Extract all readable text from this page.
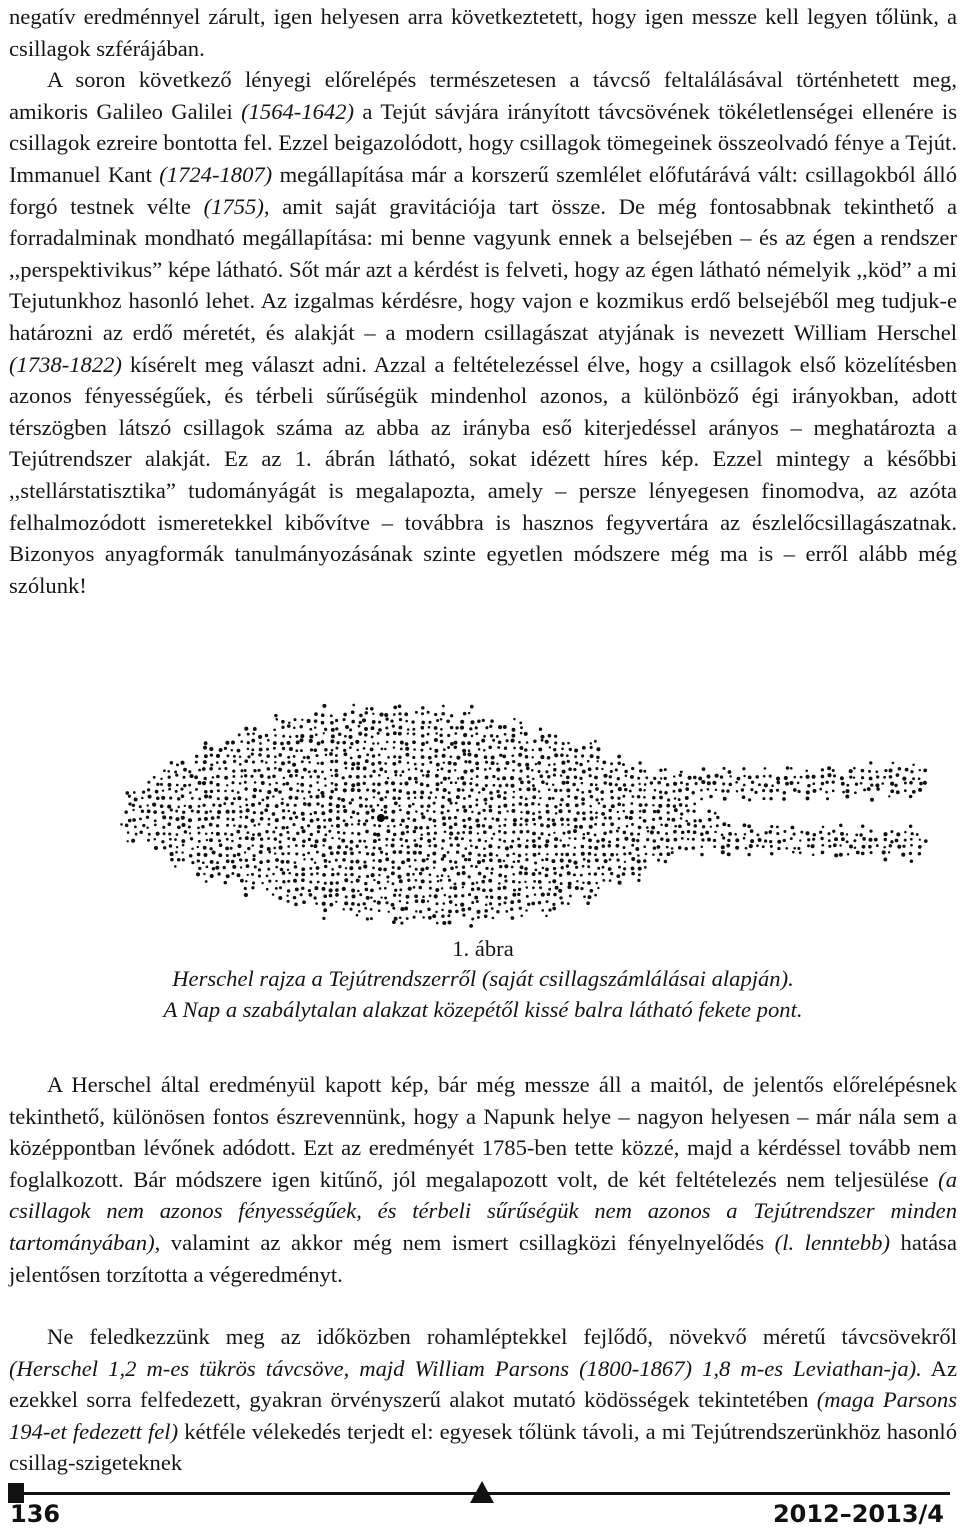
negatív eredménnyel zárult, igen helyesen arra következtetett, hogy igen messze kell legyen tőlünk, a csillagok szférájában.
A soron következő lényegi előrelépés természetesen a távcső feltalálásával történhetett meg, amikoris Galileo Galilei (1564-1642) a Tejút sávjára irányított távcsövének tökéletlenségei ellenére is csillagok ezreire bontotta fel. Ezzel beigazolódott, hogy csillagok tömegeinek összeolvadó fénye a Tejút. Immanuel Kant (1724-1807) megállapítása már a korszerű szemlélet előfutárává vált: csillagokból álló forgó testnek vélte (1755), amit saját gravitációja tart össze. De még fontosabbnak tekinthető a forradalminak mondható megállapítása: mi benne vagyunk ennek a belsejében – és az égen a rendszer ,,perspektivikus” képe látható. Sőt már azt a kérdést is felveti, hogy az égen látható némelyik ,,köd” a mi Tejutunkhoz hasonló lehet. Az izgalmas kérdésre, hogy vajon e kozmikus erdő belsejéből meg tudjuk-e határozni az erdő méretét, és alakját – a modern csillagászat atyjának is nevezett William Herschel (1738-1822) kísérelt meg választ adni. Azzal a feltételezéssel élve, hogy a csillagok első közelítésben azonos fényességűek, és térbeli sűrűségük mindenhol azonos, a különböző égi irányokban, adott térszögben látszó csillagok száma az abba az irányba eső kiterjedéssel arányos – meghatározta a Tejútrendszer alakját. Ez az 1. ábrán látható, sokat idézett híres kép. Ezzel mintegy a későbbi ,,stellárstatisztika” tudományágát is megalapozta, amely – persze lényegesen finomodva, az azóta felhalmozódott ismeretekkel kibővítve – továbbra is hasznos fegyvertára az észlelőcsillagászatnak. Bizonyos anyagformák tanulmányozásának szinte egyetlen módszere még ma is – erről alább még szólunk!

1. ábra
Herschel rajza a Tejútrendszerről (saját csillagszámlálásai alapján).
A Nap a szabálytalan alakzat közepétől kissé balra látható fekete pont.

A Herschel által eredményül kapott kép, bár még messze áll a maitól, de jelentős előrelépésnek tekinthető, különösen fontos észrevennünk, hogy a Napunk helye – nagyon helyesen – már nála sem a középpontban lévőnek adódott. Ezt az eredményét 1785-ben tette közzé, majd a kérdéssel tovább nem foglalkozott. Bár módszere igen kitűnő, jól megalapozott volt, de két feltételezés nem teljesülése (a csillagok nem azonos fényességűek, és térbeli sűrűségük nem azonos a Tejútrendszer minden tartományában), valamint az akkor még nem ismert csillagközi fényelnyelődés (l. lenntebb) hatása jelentősen torzította a végeredményt.

Ne feledkezzünk meg az időközben rohamléptekkel fejlődő, növekvő méretű távcsövekről (Herschel 1,2 m-es tükrös távcsöve, majd William Parsons (1800-1867) 1,8 m-es Leviathan-ja). Az ezekkel sorra felfedezett, gyakran örvényszerű alakot mutató ködösségek tekintetében (maga Parsons 194-et fedezett fel) kétféle vélekedés terjedt el: egyesek tőlünk távoli, a mi Tejútrendszerünkhöz hasonló csillag-szigeteknek

136	2012–2013/4
